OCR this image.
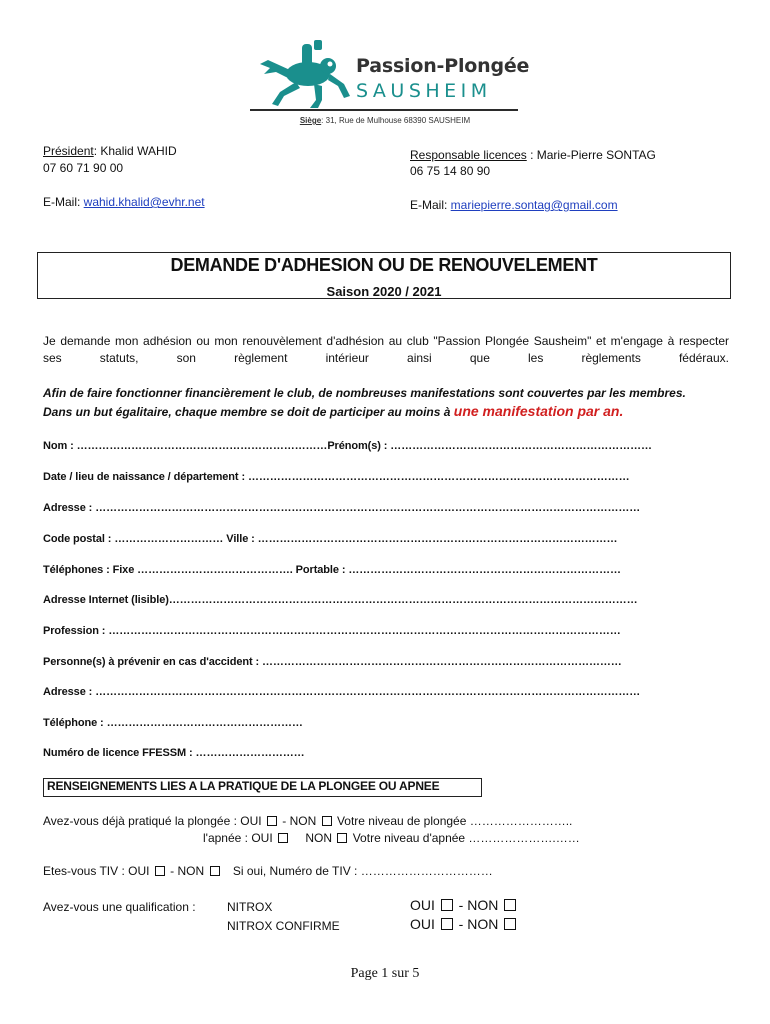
Passion-Plongée
SAUSHEIM
Siège: 31, Rue de Mulhouse 68390 SAUSHEIM
Président: Khalid WAHID
07 60 71 90 00
E-Mail: wahid.khalid@evhr.net
Responsable licences : Marie-Pierre SONTAG
06 75 14 80 90
E-Mail: mariepierre.sontag@gmail.com
DEMANDE D'ADHESION OU DE RENOUVELEMENT
Saison 2020 / 2021
Je demande mon adhésion ou mon renouvèlement d'adhésion au club "Passion Plongée Sausheim" et m'engage à respecter ses statuts, son règlement intérieur ainsi que les règlements fédéraux.
Afin de faire fonctionner financièrement le club, de nombreuses manifestations sont couvertes par les membres.
Dans un but égalitaire, chaque membre se doit de participer au moins à une manifestation par an.
Nom : ……………………………………………………………Prénom(s) : ………………………………………………………………
Date / lieu de naissance / département : ……………………………………………………………………………………………
Adresse : ……………………………………………………………………………………………………………………………………
Code postal : ………………………… Ville : ………………………………………………………………………………………
Téléphones : Fixe ……………………………………. Portable : …………………………………………………………………
Adresse Internet (lisible)…………………………………………………………………………………………………………………
Profession : ……………………………………………………………………………………………………………………………
Personne(s) à prévenir en cas d'accident : ………………………………………………………………………………………
Adresse : ……………………………………………………………………………………………………………………………………
Téléphone : ………………………………………………
Numéro de licence FFESSM : …………………………
RENSEIGNEMENTS LIES A LA PRATIQUE DE LA PLONGEE OU APNEE
Avez-vous déjà pratiqué la plongée : OUI - NON Votre niveau de plongée ……………………..
l'apnée : OUI	NON Votre niveau d'apnée ………………….……
Etes-vous TIV : OUI - NON Si oui, Numéro de TIV : ……………………………
Avez-vous une qualification :	NITROX
NITROX CONFIRME
OUI - NON
OUI - NON
Page 1 sur 5
